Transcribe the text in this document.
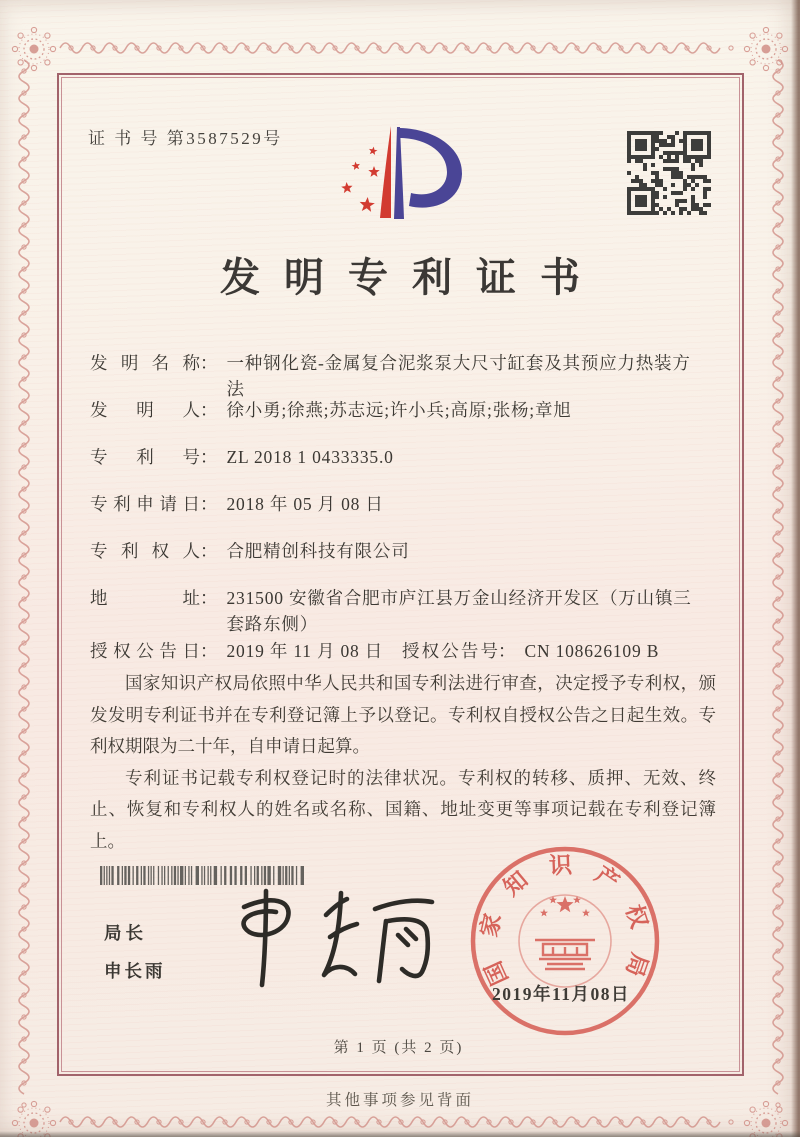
证 书 号 第3587529号
发明专利证书
发明名称： 一种钢化瓷-金属复合泥浆泵大尺寸缸套及其预应力热装方法
发明人： 徐小勇;徐燕;苏志远;许小兵;高原;张杨;章旭
专利号： ZL 2018 1 0433335.0
专利申请日： 2018 年 05 月 08 日
专利权人： 合肥精创科技有限公司
地址： 231500 安徽省合肥市庐江县万金山经济开发区（万山镇三套路东侧）
授权公告日： 2019 年 11 月 08 日 授权公告号： CN 108626109 B

国家知识产权局依照中华人民共和国专利法进行审查，决定授予专利权，颁发发明专利证书并在专利登记簿上予以登记。专利权自授权公告之日起生效。专利权期限为二十年，自申请日起算。

专利证书记载专利权登记时的法律状况。专利权的转移、质押、无效、终止、恢复和专利权人的姓名或名称、国籍、地址变更等事项记载在专利登记簿上。

局长
申长雨	国家知识产权局
2019年11月08日
第 1 页 (共 2 页)
其他事项参见背面
